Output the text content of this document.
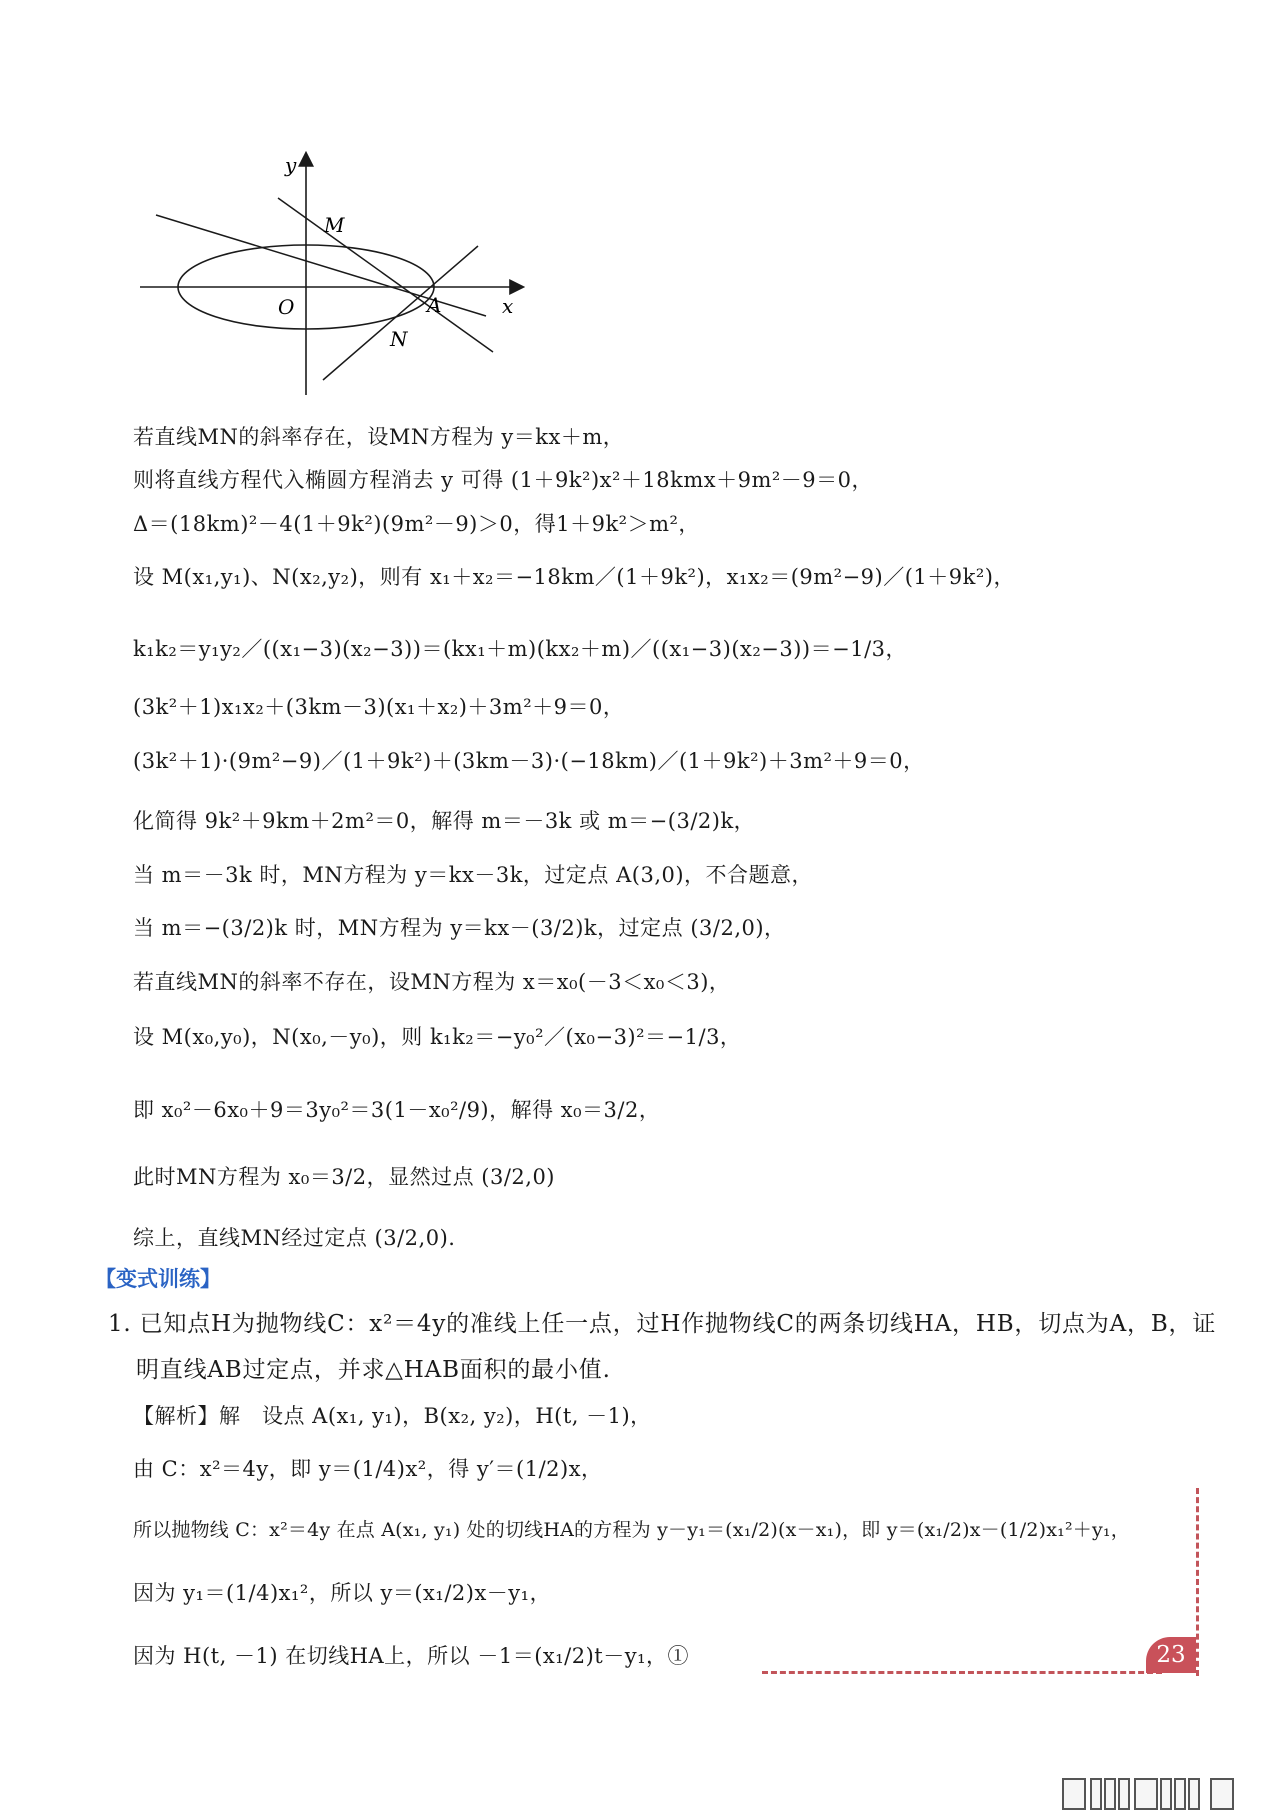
y
x
O
M
A
N
若直线MN的斜率存在，设MN方程为 y＝kx＋m，
则将直线方程代入椭圆方程消去 y 可得 (1＋9k²)x²＋18kmx＋9m²－9＝0，
Δ＝(18km)²－4(1＋9k²)(9m²－9)＞0，得1＋9k²＞m²，
设 M(x₁,y₁)、N(x₂,y₂)，则有 x₁＋x₂＝−18km／(1＋9k²)，x₁x₂＝(9m²−9)／(1＋9k²)，
k₁k₂＝y₁y₂／((x₁−3)(x₂−3))＝(kx₁＋m)(kx₂＋m)／((x₁−3)(x₂−3))＝−1/3，
(3k²＋1)x₁x₂＋(3km－3)(x₁＋x₂)＋3m²＋9＝0，
(3k²＋1)·(9m²−9)／(1＋9k²)＋(3km－3)·(−18km)／(1＋9k²)＋3m²＋9＝0，
化简得 9k²＋9km＋2m²＝0，解得 m＝－3k 或 m＝−(3/2)k，
当 m＝－3k 时，MN方程为 y＝kx－3k，过定点 A(3,0)，不合题意，
当 m＝−(3/2)k 时，MN方程为 y＝kx－(3/2)k，过定点 (3/2,0)，
若直线MN的斜率不存在，设MN方程为 x＝x₀(－3＜x₀＜3)，
设 M(x₀,y₀)，N(x₀,－y₀)，则 k₁k₂＝−y₀²／(x₀−3)²＝−1/3，
即 x₀²－6x₀＋9＝3y₀²＝3(1－x₀²/9)，解得 x₀＝3/2，
此时MN方程为 x₀＝3/2，显然过点 (3/2,0)
综上，直线MN经过定点 (3/2,0).
【变式训练】
1. 已知点H为抛物线C：x²＝4y的准线上任一点，过H作抛物线C的两条切线HA，HB，切点为A，B，证
明直线AB过定点，并求△HAB面积的最小值.
【解析】解　设点 A(x₁, y₁)，B(x₂, y₂)，H(t, －1)，
由 C：x²＝4y，即 y＝(1/4)x²，得 y′＝(1/2)x，
所以抛物线 C：x²＝4y 在点 A(x₁, y₁) 处的切线HA的方程为 y－y₁＝(x₁/2)(x－x₁)，即 y＝(x₁/2)x－(1/2)x₁²＋y₁，
因为 y₁＝(1/4)x₁²，所以 y＝(x₁/2)x－y₁，
因为 H(t, －1) 在切线HA上，所以 －1＝(x₁/2)t－y₁，①	23
